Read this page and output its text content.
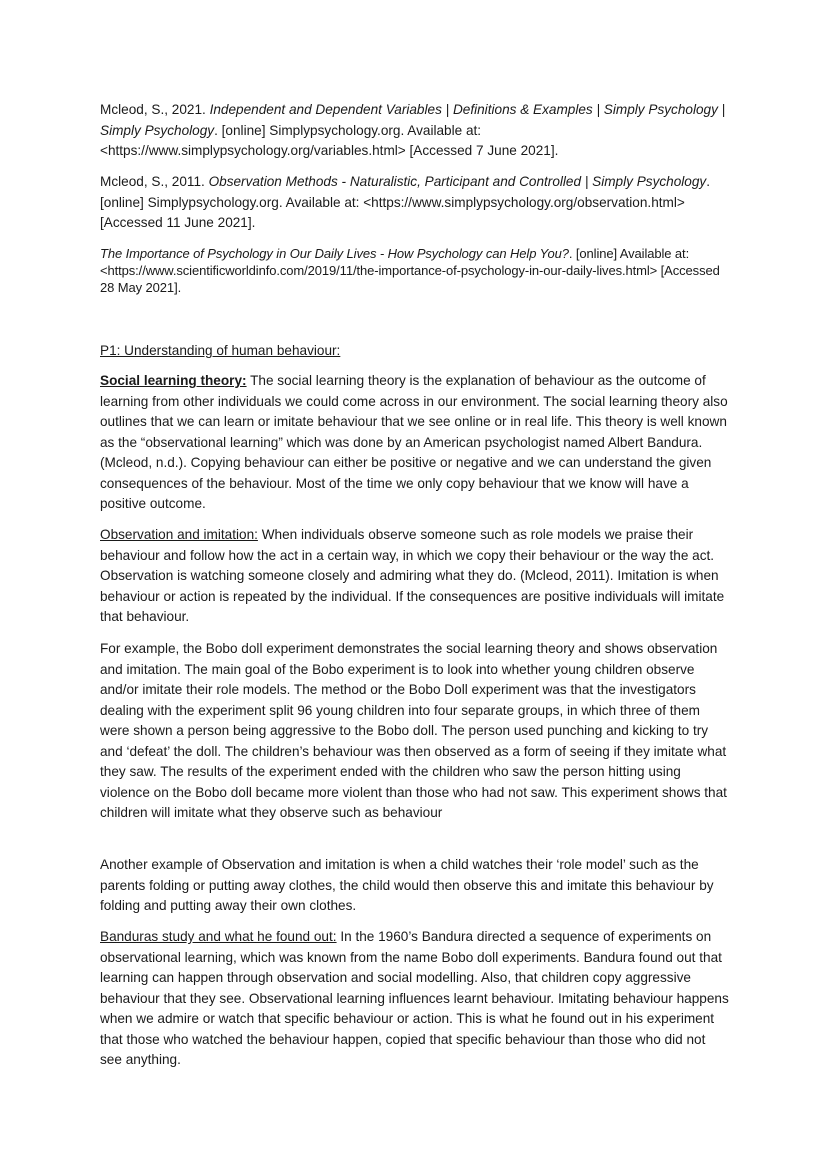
Mcleod, S., 2021. Independent and Dependent Variables | Definitions & Examples | Simply Psychology | Simply Psychology. [online] Simplypsychology.org. Available at: <https://www.simplypsychology.org/variables.html> [Accessed 7 June 2021].

Mcleod, S., 2011. Observation Methods - Naturalistic, Participant and Controlled | Simply Psychology. [online] Simplypsychology.org. Available at: <https://www.simplypsychology.org/observation.html> [Accessed 11 June 2021].

The Importance of Psychology in Our Daily Lives - How Psychology can Help You?. [online] Available at: <https://www.scientificworldinfo.com/2019/11/the-importance-of-psychology-in-our-daily-lives.html> [Accessed 28 May 2021].

P1: Understanding of human behaviour:

Social learning theory: The social learning theory is the explanation of behaviour as the outcome of learning from other individuals we could come across in our environment. The social learning theory also outlines that we can learn or imitate behaviour that we see online or in real life. This theory is well known as the “observational learning” which was done by an American psychologist named Albert Bandura. (Mcleod, n.d.). Copying behaviour can either be positive or negative and we can understand the given consequences of the behaviour. Most of the time we only copy behaviour that we know will have a positive outcome.

Observation and imitation: When individuals observe someone such as role models we praise their behaviour and follow how the act in a certain way, in which we copy their behaviour or the way the act. Observation is watching someone closely and admiring what they do. (Mcleod, 2011). Imitation is when behaviour or action is repeated by the individual. If the consequences are positive individuals will imitate that behaviour.

For example, the Bobo doll experiment demonstrates the social learning theory and shows observation and imitation. The main goal of the Bobo experiment is to look into whether young children observe and/or imitate their role models. The method or the Bobo Doll experiment was that the investigators dealing with the experiment split 96 young children into four separate groups, in which three of them were shown a person being aggressive to the Bobo doll. The person used punching and kicking to try and ‘defeat’ the doll. The children’s behaviour was then observed as a form of seeing if they imitate what they saw. The results of the experiment ended with the children who saw the person hitting using violence on the Bobo doll became more violent than those who had not saw. This experiment shows that children will imitate what they observe such as behaviour

Another example of Observation and imitation is when a child watches their ‘role model’ such as the parents folding or putting away clothes, the child would then observe this and imitate this behaviour by folding and putting away their own clothes.

Banduras study and what he found out: In the 1960’s Bandura directed a sequence of experiments on observational learning, which was known from the name Bobo doll experiments. Bandura found out that learning can happen through observation and social modelling. Also, that children copy aggressive behaviour that they see. Observational learning influences learnt behaviour. Imitating behaviour happens when we admire or watch that specific behaviour or action. This is what he found out in his experiment that those who watched the behaviour happen, copied that specific behaviour than those who did not see anything.
